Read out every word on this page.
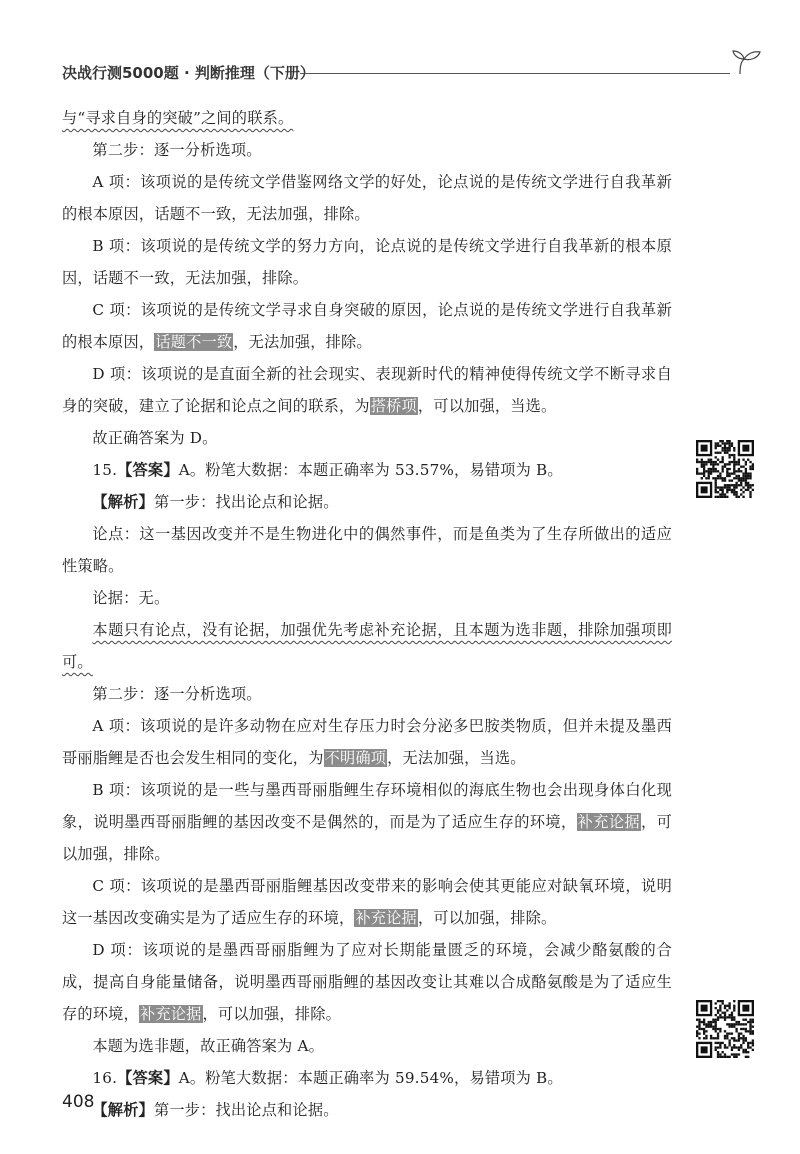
决战行测5000题 · 判断推理（下册）

与“寻求自身的突破”之间的联系。

第二步：逐一分析选项。

A 项：该项说的是传统文学借鉴网络文学的好处，论点说的是传统文学进行自我革新的根本原因，话题不一致，无法加强，排除。

B 项：该项说的是传统文学的努力方向，论点说的是传统文学进行自我革新的根本原因，话题不一致，无法加强，排除。

C 项：该项说的是传统文学寻求自身突破的原因，论点说的是传统文学进行自我革新的根本原因，话题不一致，无法加强，排除。

D 项：该项说的是直面全新的社会现实、表现新时代的精神使得传统文学不断寻求自身的突破，建立了论据和论点之间的联系，为搭桥项，可以加强，当选。

故正确答案为 D。

15.【答案】A。粉笔大数据：本题正确率为 53.57%，易错项为 B。

【解析】第一步：找出论点和论据。

论点：这一基因改变并不是生物进化中的偶然事件，而是鱼类为了生存所做出的适应性策略。

论据：无。

本题只有论点，没有论据，加强优先考虑补充论据，且本题为选非题，排除加强项即可。

第二步：逐一分析选项。

A 项：该项说的是许多动物在应对生存压力时会分泌多巴胺类物质，但并未提及墨西哥丽脂鲤是否也会发生相同的变化，为不明确项，无法加强，当选。

B 项：该项说的是一些与墨西哥丽脂鲤生存环境相似的海底生物也会出现身体白化现象，说明墨西哥丽脂鲤的基因改变不是偶然的，而是为了适应生存的环境，补充论据，可以加强，排除。

C 项：该项说的是墨西哥丽脂鲤基因改变带来的影响会使其更能应对缺氧环境，说明这一基因改变确实是为了适应生存的环境，补充论据，可以加强，排除。

D 项：该项说的是墨西哥丽脂鲤为了应对长期能量匮乏的环境，会减少酪氨酸的合成，提高自身能量储备，说明墨西哥丽脂鲤的基因改变让其难以合成酪氨酸是为了适应生存的环境，补充论据，可以加强，排除。

本题为选非题，故正确答案为 A。

16.【答案】A。粉笔大数据：本题正确率为 59.54%，易错项为 B。

【解析】第一步：找出论点和论据。

408
